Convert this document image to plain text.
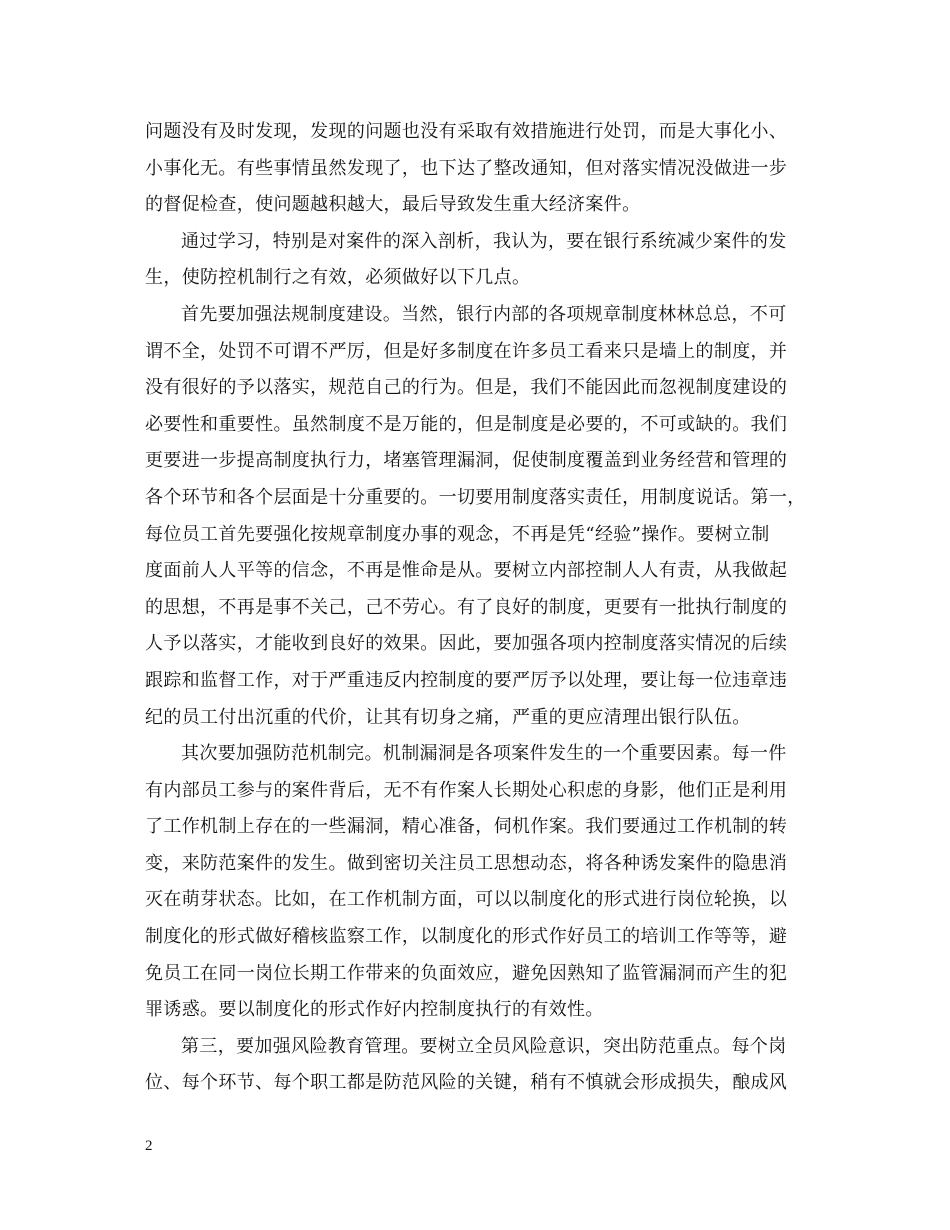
问题没有及时发现，发现的问题也没有采取有效措施进行处罚，而是大事化小、
小事化无。有些事情虽然发现了，也下达了整改通知，但对落实情况没做进一步
的督促检查，使问题越积越大，最后导致发生重大经济案件。
通过学习，特别是对案件的深入剖析，我认为，要在银行系统减少案件的发
生，使防控机制行之有效，必须做好以下几点。
首先要加强法规制度建设。当然，银行内部的各项规章制度林林总总，不可
谓不全，处罚不可谓不严厉，但是好多制度在许多员工看来只是墙上的制度，并
没有很好的予以落实，规范自己的行为。但是，我们不能因此而忽视制度建设的
必要性和重要性。虽然制度不是万能的，但是制度是必要的，不可或缺的。我们
更要进一步提高制度执行力，堵塞管理漏洞，促使制度覆盖到业务经营和管理的
各个环节和各个层面是十分重要的。一切要用制度落实责任，用制度说话。第一，
每位员工首先要强化按规章制度办事的观念，不再是凭“经验”操作。要树立制
度面前人人平等的信念，不再是惟命是从。要树立内部控制人人有责，从我做起
的思想，不再是事不关己，己不劳心。有了良好的制度，更要有一批执行制度的
人予以落实，才能收到良好的效果。因此，要加强各项内控制度落实情况的后续
跟踪和监督工作，对于严重违反内控制度的要严厉予以处理，要让每一位违章违
纪的员工付出沉重的代价，让其有切身之痛，严重的更应清理出银行队伍。
其次要加强防范机制完。机制漏洞是各项案件发生的一个重要因素。每一件
有内部员工参与的案件背后，无不有作案人长期处心积虑的身影，他们正是利用
了工作机制上存在的一些漏洞，精心准备，伺机作案。我们要通过工作机制的转
变，来防范案件的发生。做到密切关注员工思想动态，将各种诱发案件的隐患消
灭在萌芽状态。比如，在工作机制方面，可以以制度化的形式进行岗位轮换，以
制度化的形式做好稽核监察工作，以制度化的形式作好员工的培训工作等等，避
免员工在同一岗位长期工作带来的负面效应，避免因熟知了监管漏洞而产生的犯
罪诱惑。要以制度化的形式作好内控制度执行的有效性。
第三，要加强风险教育管理。要树立全员风险意识，突出防范重点。每个岗
位、每个环节、每个职工都是防范风险的关键，稍有不慎就会形成损失，酿成风
2
